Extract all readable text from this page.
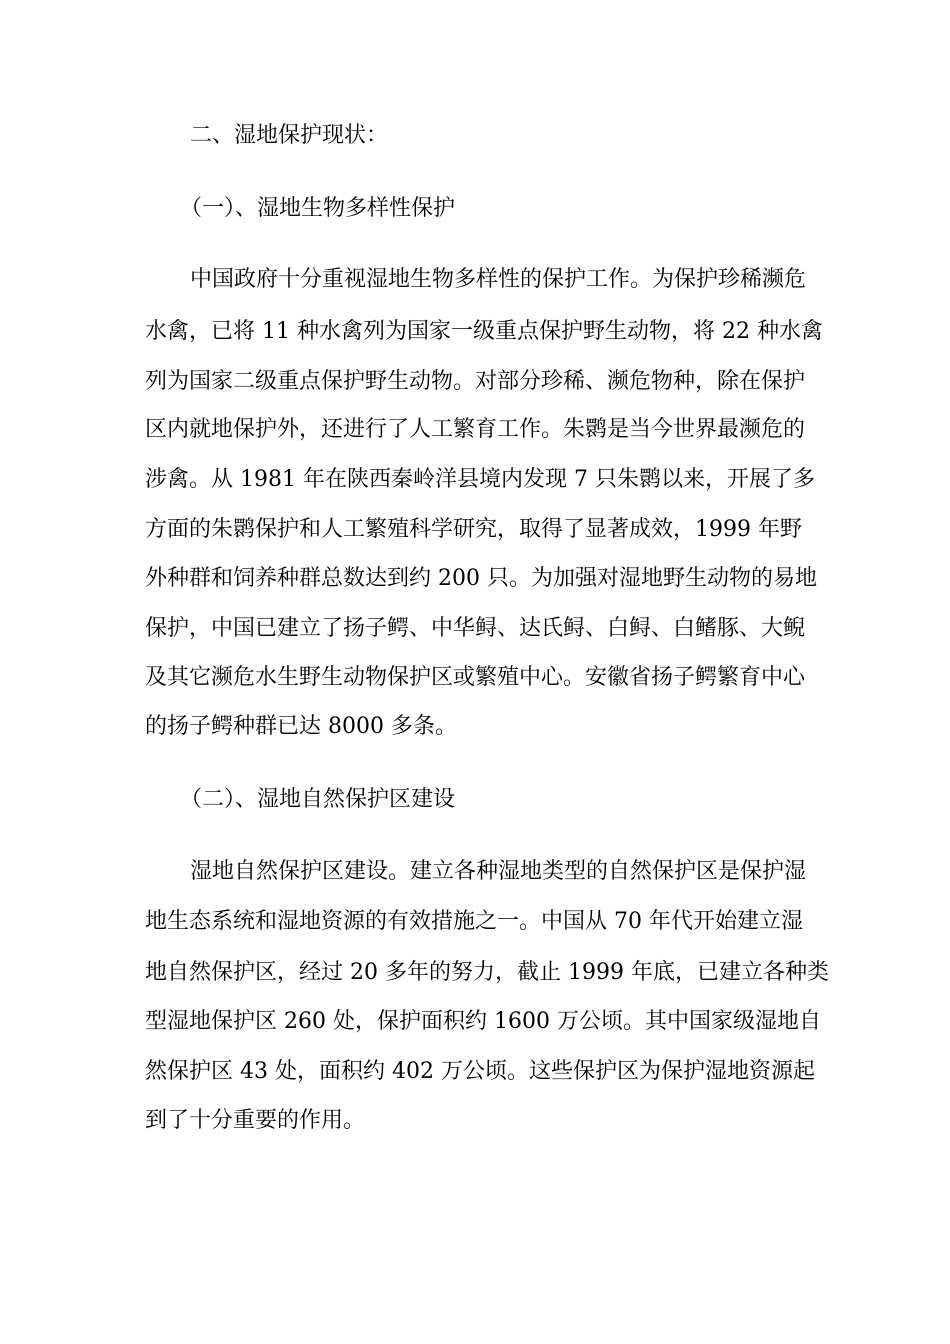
二、湿地保护现状：
（一）、湿地生物多样性保护
中国政府十分重视湿地生物多样性的保护工作。为保护珍稀濒危
水禽，已将 11 种水禽列为国家一级重点保护野生动物，将 22 种水禽
列为国家二级重点保护野生动物。对部分珍稀、濒危物种，除在保护
区内就地保护外，还进行了人工繁育工作。朱鹮是当今世界最濒危的
涉禽。从 1981 年在陕西秦岭洋县境内发现 7 只朱鹮以来，开展了多
方面的朱鹮保护和人工繁殖科学研究，取得了显著成效，1999 年野
外种群和饲养种群总数达到约 200 只。为加强对湿地野生动物的易地
保护，中国已建立了扬子鳄、中华鲟、达氏鲟、白鲟、白鳍豚、大鲵
及其它濒危水生野生动物保护区或繁殖中心。安徽省扬子鳄繁育中心
的扬子鳄种群已达 8000 多条。
（二）、湿地自然保护区建设
湿地自然保护区建设。建立各种湿地类型的自然保护区是保护湿
地生态系统和湿地资源的有效措施之一。中国从 70 年代开始建立湿
地自然保护区，经过 20 多年的努力，截止 1999 年底，已建立各种类
型湿地保护区 260 处，保护面积约 1600 万公顷。其中国家级湿地自
然保护区 43 处，面积约 402 万公顷。这些保护区为保护湿地资源起
到了十分重要的作用。
